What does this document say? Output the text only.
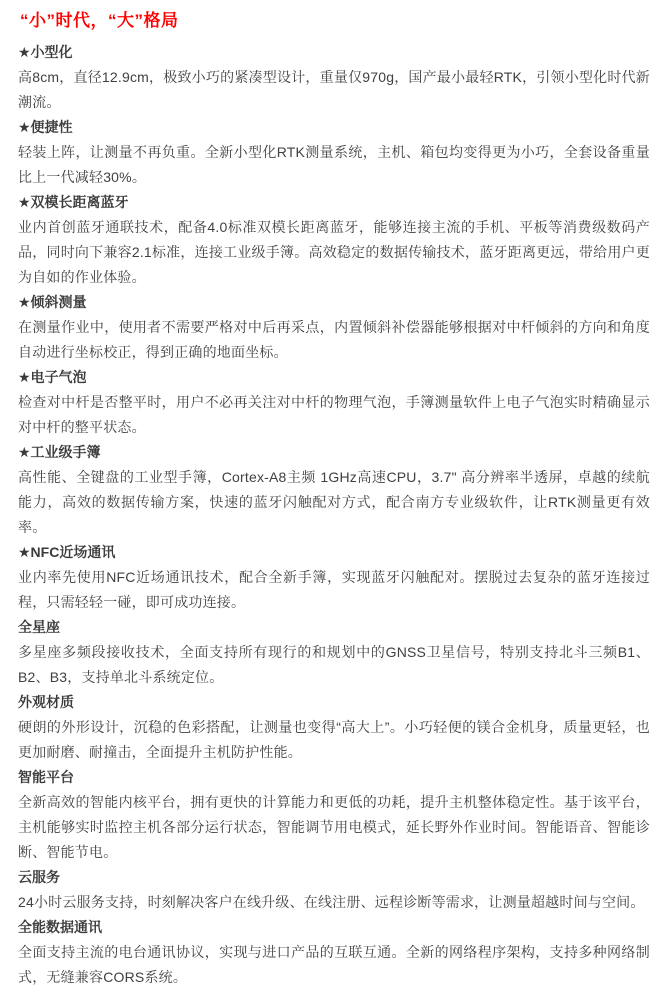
“小”时代，“大”格局
★小型化

高8cm，直径12.9cm，极致小巧的紧凑型设计，重量仅970g，国产最小最轻RTK，引领小型化时代新潮流。

★便捷性

轻装上阵，让测量不再负重。全新小型化RTK测量系统，主机、箱包均变得更为小巧，全套设备重量比上一代减轻30%。

★双模长距离蓝牙

业内首创蓝牙通联技术，配备4.0标准双模长距离蓝牙，能够连接主流的手机、平板等消费级数码产品，同时向下兼容2.1标准，连接工业级手簿。高效稳定的数据传输技术，蓝牙距离更远，带给用户更为自如的作业体验。

★倾斜测量

在测量作业中，使用者不需要严格对中后再采点，内置倾斜补偿器能够根据对中杆倾斜的方向和角度自动进行坐标校正，得到正确的地面坐标。

★电子气泡

检查对中杆是否整平时，用户不必再关注对中杆的物理气泡，手簿测量软件上电子气泡实时精确显示对中杆的整平状态。

★工业级手簿

高性能、全键盘的工业型手簿，Cortex-A8主频 1GHz高速CPU，3.7" 高分辨率半透屏，卓越的续航能力，高效的数据传输方案，快速的蓝牙闪触配对方式，配合南方专业级软件，让RTK测量更有效率。

★NFC近场通讯

业内率先使用NFC近场通讯技术，配合全新手簿，实现蓝牙闪触配对。摆脱过去复杂的蓝牙连接过程，只需轻轻一碰，即可成功连接。

全星座

多星座多频段接收技术，全面支持所有现行的和规划中的GNSS卫星信号，特别支持北斗三频B1、B2、B3，支持单北斗系统定位。

外观材质

硬朗的外形设计，沉稳的色彩搭配，让测量也变得“高大上”。小巧轻便的镁合金机身，质量更轻，也更加耐磨、耐撞击，全面提升主机防护性能。

智能平台

全新高效的智能内核平台，拥有更快的计算能力和更低的功耗，提升主机整体稳定性。基于该平台，主机能够实时监控主机各部分运行状态，智能调节用电模式，延长野外作业时间。智能语音、智能诊断、智能节电。

云服务

24小时云服务支持，时刻解决客户在线升级、在线注册、远程诊断等需求，让测量超越时间与空间。

全能数据通讯

全面支持主流的电台通讯协议，实现与进口产品的互联互通。全新的网络程序架构，支持多种网络制式，无缝兼容CORS系统。
